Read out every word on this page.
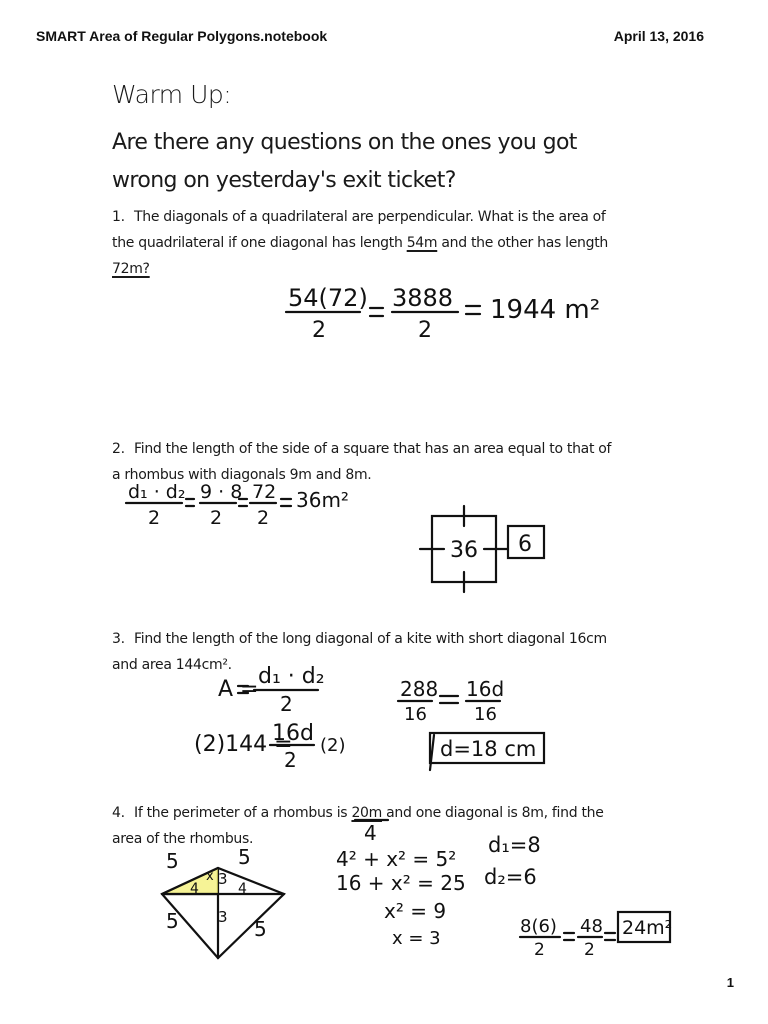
SMART Area of Regular Polygons.notebook	April 13, 2016
Warm Up:
Are there any questions on the ones you got
wrong on yesterday's exit ticket?
1. The diagonals of a quadrilateral are perpendicular. What is the area of the quadrilateral if one diagonal has length 54m and the other has length 72m?
2. Find the length of the side of a square that has an area equal to that of a rhombus with diagonals 9m and 8m.
3. Find the length of the long diagonal of a kite with short diagonal 16cm and area 144cm².
4. If the perimeter of a rhombus is 20m and one diagonal is 8m, find the area of the rhombus.
54(72)
2
3888
2
1944 m²
d₁ · d₂
2
9 · 8
2
72
2
36m²
36 6
A =
d₁ · d₂
2
(2)144 =
16d
2
(2)
288
16
16d
16
d=18 cm
4
5	5
5	5
x 3
4	4
3
4² + x² = 5²
16 + x² = 25
x² = 9
x = 3
d₁=8
d₂=6
8(6)
2
48
2
24m²
1
